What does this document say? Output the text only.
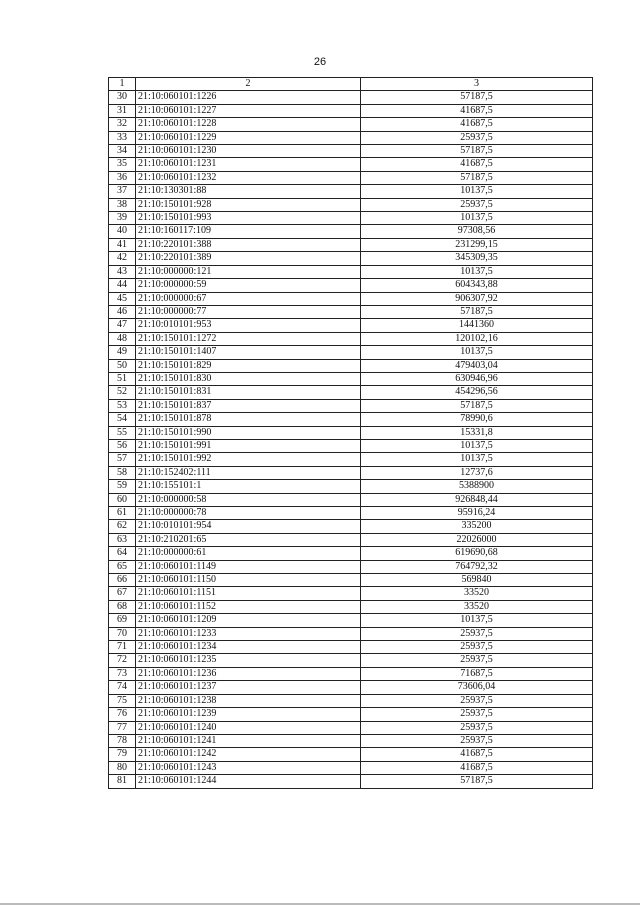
26
1	2	3
30	21:10:060101:1226	57187,5
31	21:10:060101:1227	41687,5
32	21:10:060101:1228	41687,5
33	21:10:060101:1229	25937,5
34	21:10:060101:1230	57187,5
35	21:10:060101:1231	41687,5
36	21:10:060101:1232	57187,5
37	21:10:130301:88	10137,5
38	21:10:150101:928	25937,5
39	21:10:150101:993	10137,5
40	21:10:160117:109	97308,56
41	21:10:220101:388	231299,15
42	21:10:220101:389	345309,35
43	21:10:000000:121	10137,5
44	21:10:000000:59	604343,88
45	21:10:000000:67	906307,92
46	21:10:000000:77	57187,5
47	21:10:010101:953	1441360
48	21:10:150101:1272	120102,16
49	21:10:150101:1407	10137,5
50	21:10:150101:829	479403,04
51	21:10:150101:830	630946,96
52	21:10:150101:831	454296,56
53	21:10:150101:837	57187,5
54	21:10:150101:878	78990,6
55	21:10:150101:990	15331,8
56	21:10:150101:991	10137,5
57	21:10:150101:992	10137,5
58	21:10:152402:111	12737,6
59	21:10:155101:1	5388900
60	21:10:000000:58	926848,44
61	21:10:000000:78	95916,24
62	21:10:010101:954	335200
63	21:10:210201:65	22026000
64	21:10:000000:61	619690,68
65	21:10:060101:1149	764792,32
66	21:10:060101:1150	569840
67	21:10:060101:1151	33520
68	21:10:060101:1152	33520
69	21:10:060101:1209	10137,5
70	21:10:060101:1233	25937,5
71	21:10:060101:1234	25937,5
72	21:10:060101:1235	25937,5
73	21:10:060101:1236	71687,5
74	21:10:060101:1237	73606,04
75	21:10:060101:1238	25937,5
76	21:10:060101:1239	25937,5
77	21:10:060101:1240	25937,5
78	21:10:060101:1241	25937,5
79	21:10:060101:1242	41687,5
80	21:10:060101:1243	41687,5
81	21:10:060101:1244	57187,5
